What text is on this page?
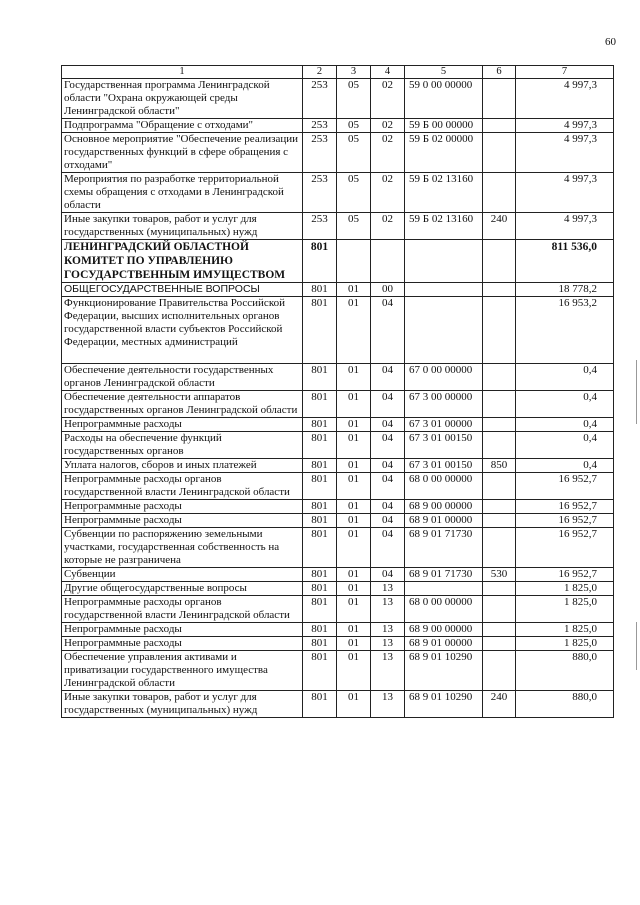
60
1	2	3	4	5	6	7
Государственная программа Ленинградской области "Охрана окружающей среды Ленинградской области"	253	05	02	59 0 00 00000		4 997,3
Подпрограмма "Обращение с отходами"	253	05	02	59 Б 00 00000		4 997,3
Основное мероприятие "Обеспечение реализации государственных функций в сфере обращения с отходами"	253	05	02	59 Б 02 00000		4 997,3
Мероприятия по разработке территориальной схемы обращения с отходами в Ленинградской области	253	05	02	59 Б 02 13160		4 997,3
Иные закупки товаров, работ и услуг для государственных (муниципальных) нужд	253	05	02	59 Б 02 13160	240	4 997,3
ЛЕНИНГРАДСКИЙ ОБЛАСТНОЙ КОМИТЕТ ПО УПРАВЛЕНИЮ ГОСУДАРСТВЕННЫМ ИМУЩЕСТВОМ	801					811 536,0
ОБЩЕГОСУДАРСТВЕННЫЕ ВОПРОСЫ	801	01	00			18 778,2
Функционирование Правительства Российской Федерации, высших исполнительных органов государственной власти субъектов Российской Федерации, местных администраций	801	01	04			16 953,2
Обеспечение деятельности государственных органов Ленинградской области	801	01	04	67 0 00 00000		0,4
Обеспечение деятельности аппаратов государственных органов Ленинградской области	801	01	04	67 3 00 00000		0,4
Непрограммные расходы	801	01	04	67 3 01 00000		0,4
Расходы на обеспечение функций государственных органов	801	01	04	67 3 01 00150		0,4
Уплата налогов, сборов и иных платежей	801	01	04	67 3 01 00150	850	0,4
Непрограммные расходы органов государственной власти Ленинградской области	801	01	04	68 0 00 00000		16 952,7
Непрограммные расходы	801	01	04	68 9 00 00000		16 952,7
Непрограммные расходы	801	01	04	68 9 01 00000		16 952,7
Субвенции по распоряжению земельными участками, государственная собственность на которые не разграничена	801	01	04	68 9 01 71730		16 952,7
Субвенции	801	01	04	68 9 01 71730	530	16 952,7
Другие общегосударственные вопросы	801	01	13			1 825,0
Непрограммные расходы органов государственной власти Ленинградской области	801	01	13	68 0 00 00000		1 825,0
Непрограммные расходы	801	01	13	68 9 00 00000		1 825,0
Непрограммные расходы	801	01	13	68 9 01 00000		1 825,0
Обеспечение управления активами и приватизации государственного имущества Ленинградской области	801	01	13	68 9 01 10290		880,0
Иные закупки товаров, работ и услуг для государственных (муниципальных) нужд	801	01	13	68 9 01 10290	240	880,0
